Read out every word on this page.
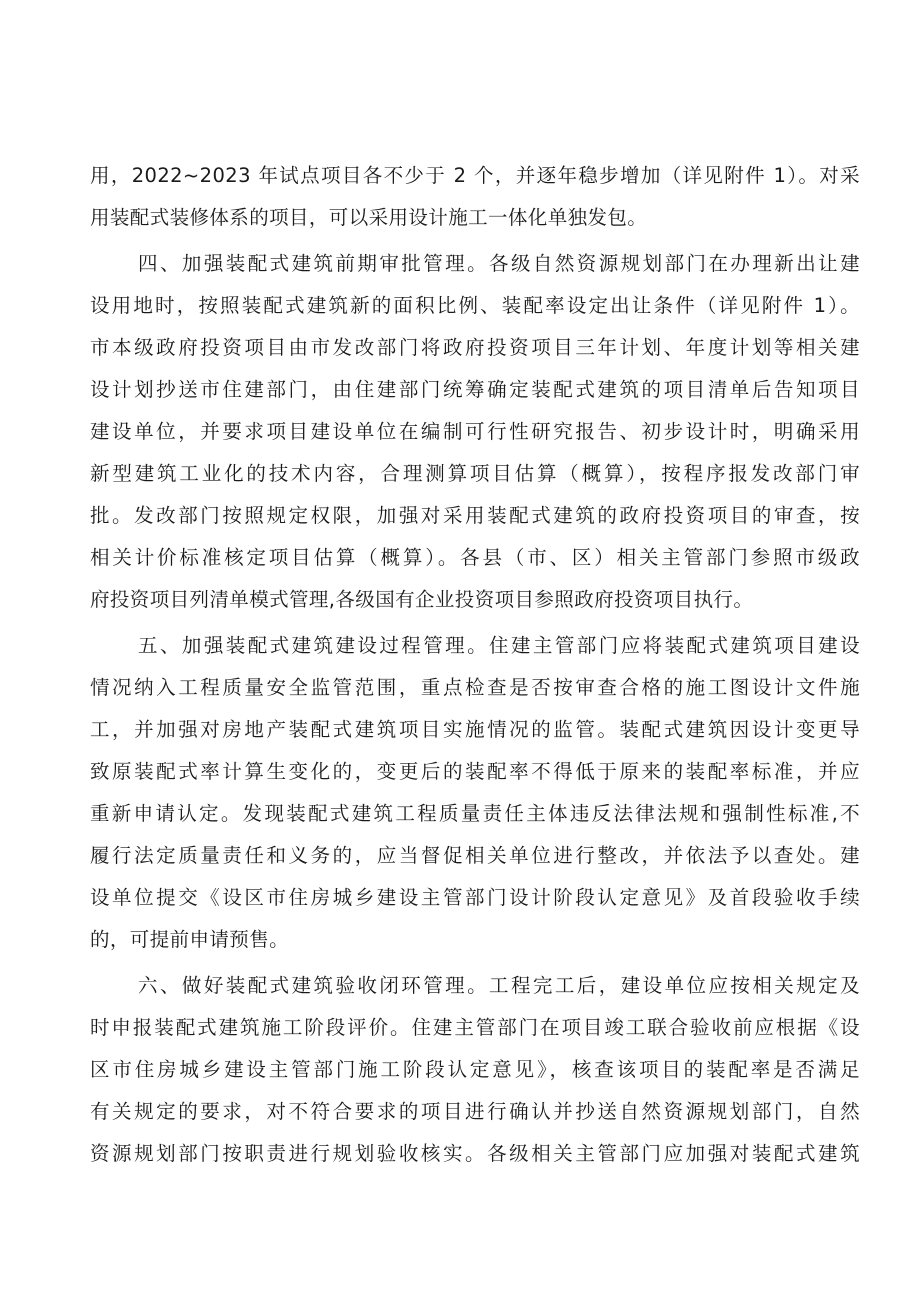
用，2022~2023 年试点项目各不少于 2 个，并逐年稳步增加（详见附件 1）。对采
用装配式装修体系的项目，可以采用设计施工一体化单独发包。
四、加强装配式建筑前期审批管理。各级自然资源规划部门在办理新出让建
设用地时，按照装配式建筑新的面积比例、装配率设定出让条件（详见附件 1）。
市本级政府投资项目由市发改部门将政府投资项目三年计划、年度计划等相关建
设计划抄送市住建部门，由住建部门统筹确定装配式建筑的项目清单后告知项目
建设单位，并要求项目建设单位在编制可行性研究报告、初步设计时，明确采用
新型建筑工业化的技术内容，合理测算项目估算（概算），按程序报发改部门审
批。发改部门按照规定权限，加强对采用装配式建筑的政府投资项目的审查，按
相关计价标准核定项目估算（概算）。各县（市、区）相关主管部门参照市级政
府投资项目列清单模式管理,各级国有企业投资项目参照政府投资项目执行。
五、加强装配式建筑建设过程管理。住建主管部门应将装配式建筑项目建设
情况纳入工程质量安全监管范围，重点检查是否按审查合格的施工图设计文件施
工，并加强对房地产装配式建筑项目实施情况的监管。装配式建筑因设计变更导
致原装配式率计算生变化的，变更后的装配率不得低于原来的装配率标准，并应
重新申请认定。发现装配式建筑工程质量责任主体违反法律法规和强制性标准,不
履行法定质量责任和义务的，应当督促相关单位进行整改，并依法予以查处。建
设单位提交《设区市住房城乡建设主管部门设计阶段认定意见》及首段验收手续
的，可提前申请预售。
六、做好装配式建筑验收闭环管理。工程完工后，建设单位应按相关规定及
时申报装配式建筑施工阶段评价。住建主管部门在项目竣工联合验收前应根据《设
区市住房城乡建设主管部门施工阶段认定意见》，核查该项目的装配率是否满足
有关规定的要求，对不符合要求的项目进行确认并抄送自然资源规划部门，自然
资源规划部门按职责进行规划验收核实。各级相关主管部门应加强对装配式建筑
